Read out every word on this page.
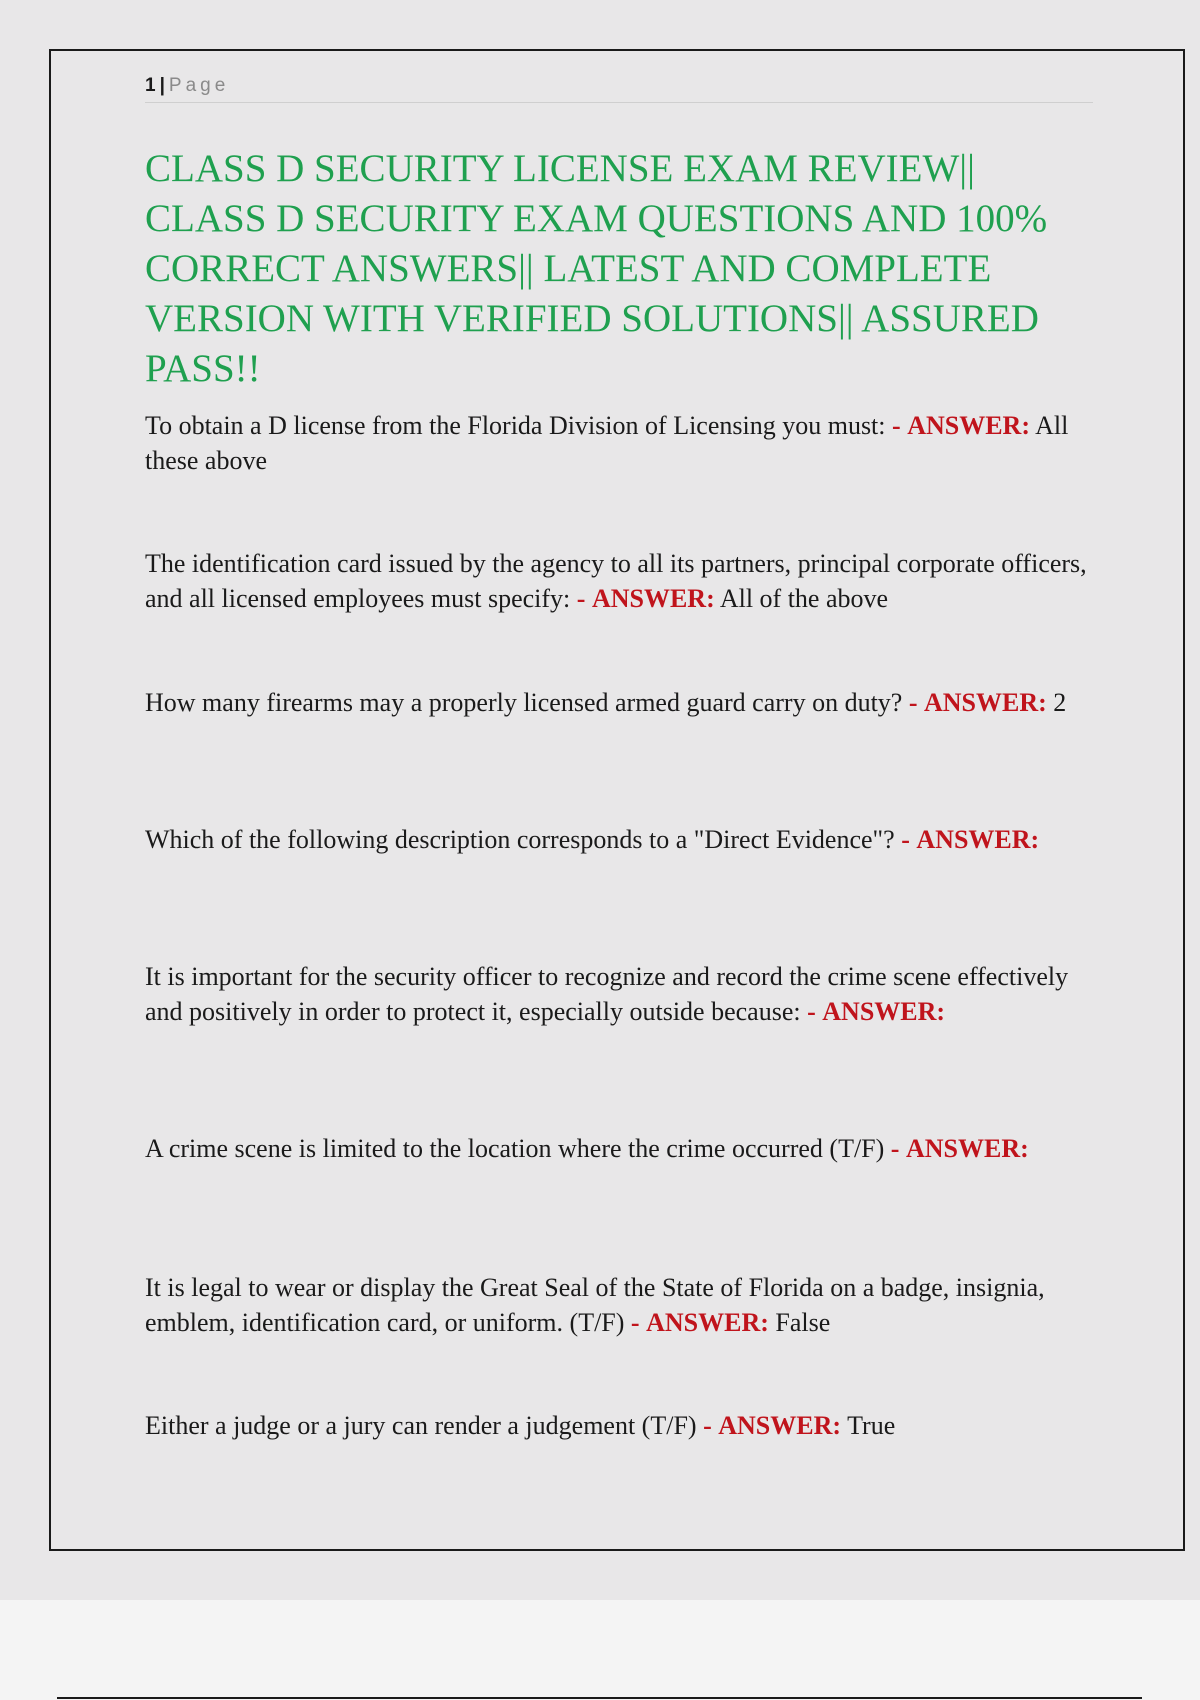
1 | Page
CLASS D SECURITY LICENSE EXAM REVIEW|| CLASS D SECURITY EXAM QUESTIONS AND 100% CORRECT ANSWERS|| LATEST AND COMPLETE VERSION WITH VERIFIED SOLUTIONS|| ASSURED PASS!!

To obtain a D license from the Florida Division of Licensing you must: - ANSWER: All these above

The identification card issued by the agency to all its partners, principal corporate officers, and all licensed employees must specify: - ANSWER: All of the above

How many firearms may a properly licensed armed guard carry on duty? - ANSWER: 2

Which of the following description corresponds to a "Direct Evidence"? - ANSWER:

It is important for the security officer to recognize and record the crime scene effectively and positively in order to protect it, especially outside because: - ANSWER:

A crime scene is limited to the location where the crime occurred (T/F) - ANSWER:

It is legal to wear or display the Great Seal of the State of Florida on a badge, insignia, emblem, identification card, or uniform. (T/F) - ANSWER: False

Either a judge or a jury can render a judgement (T/F) - ANSWER: True
